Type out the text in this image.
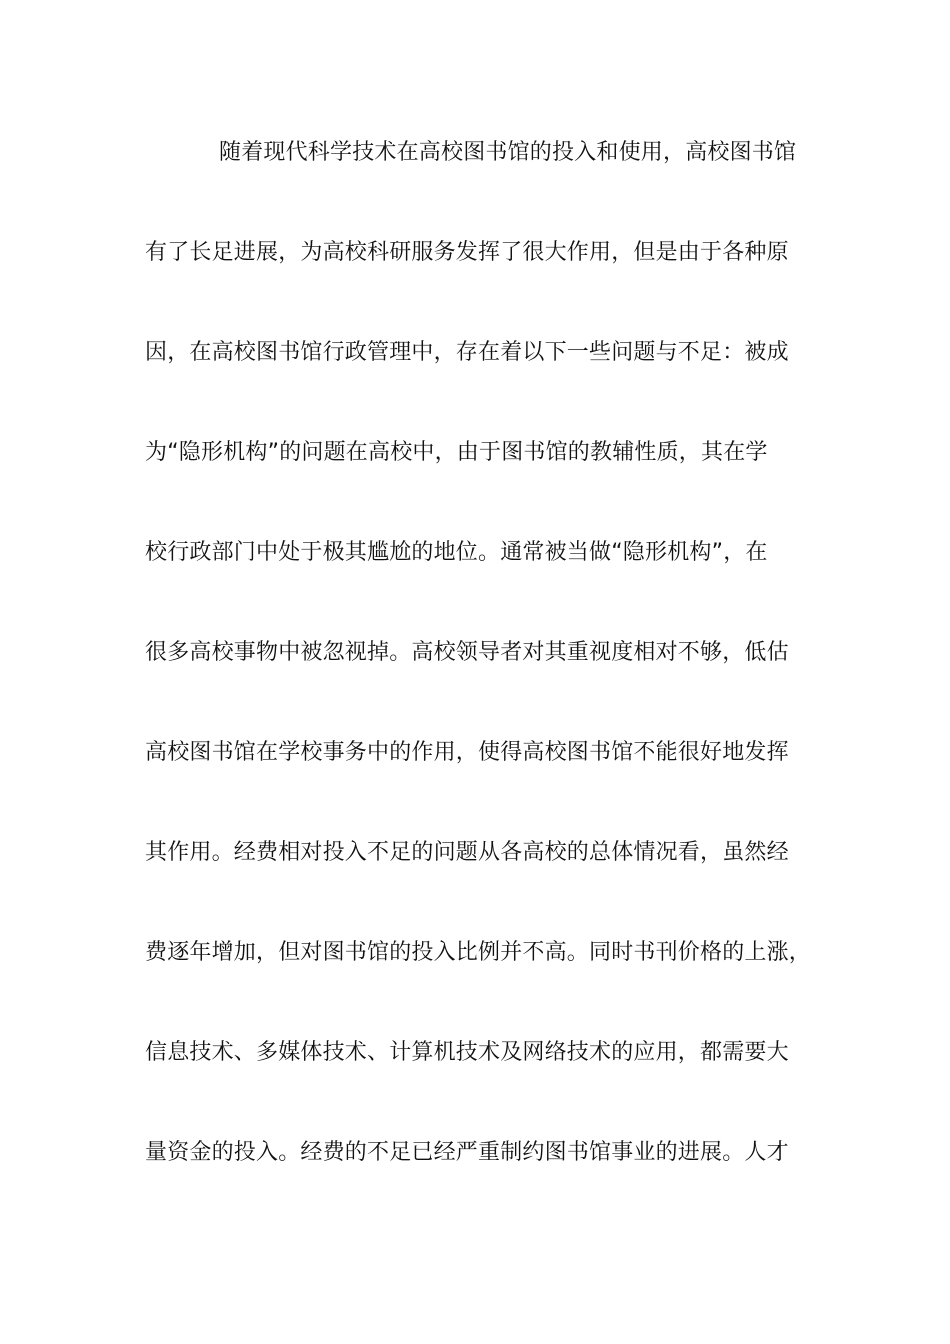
随着现代科学技术在高校图书馆的投入和使用，高校图书馆
有了长足进展，为高校科研服务发挥了很大作用，但是由于各种原
因，在高校图书馆行政管理中，存在着以下一些问题与不足：被成
为“隐形机构”的问题在高校中，由于图书馆的教辅性质，其在学
校行政部门中处于极其尴尬的地位。通常被当做“隐形机构”，在
很多高校事物中被忽视掉。高校领导者对其重视度相对不够，低估
高校图书馆在学校事务中的作用，使得高校图书馆不能很好地发挥
其作用。经费相对投入不足的问题从各高校的总体情况看，虽然经
费逐年增加，但对图书馆的投入比例并不高。同时书刊价格的上涨，
信息技术、多媒体技术、计算机技术及网络技术的应用，都需要大
量资金的投入。经费的不足已经严重制约图书馆事业的进展。人才
